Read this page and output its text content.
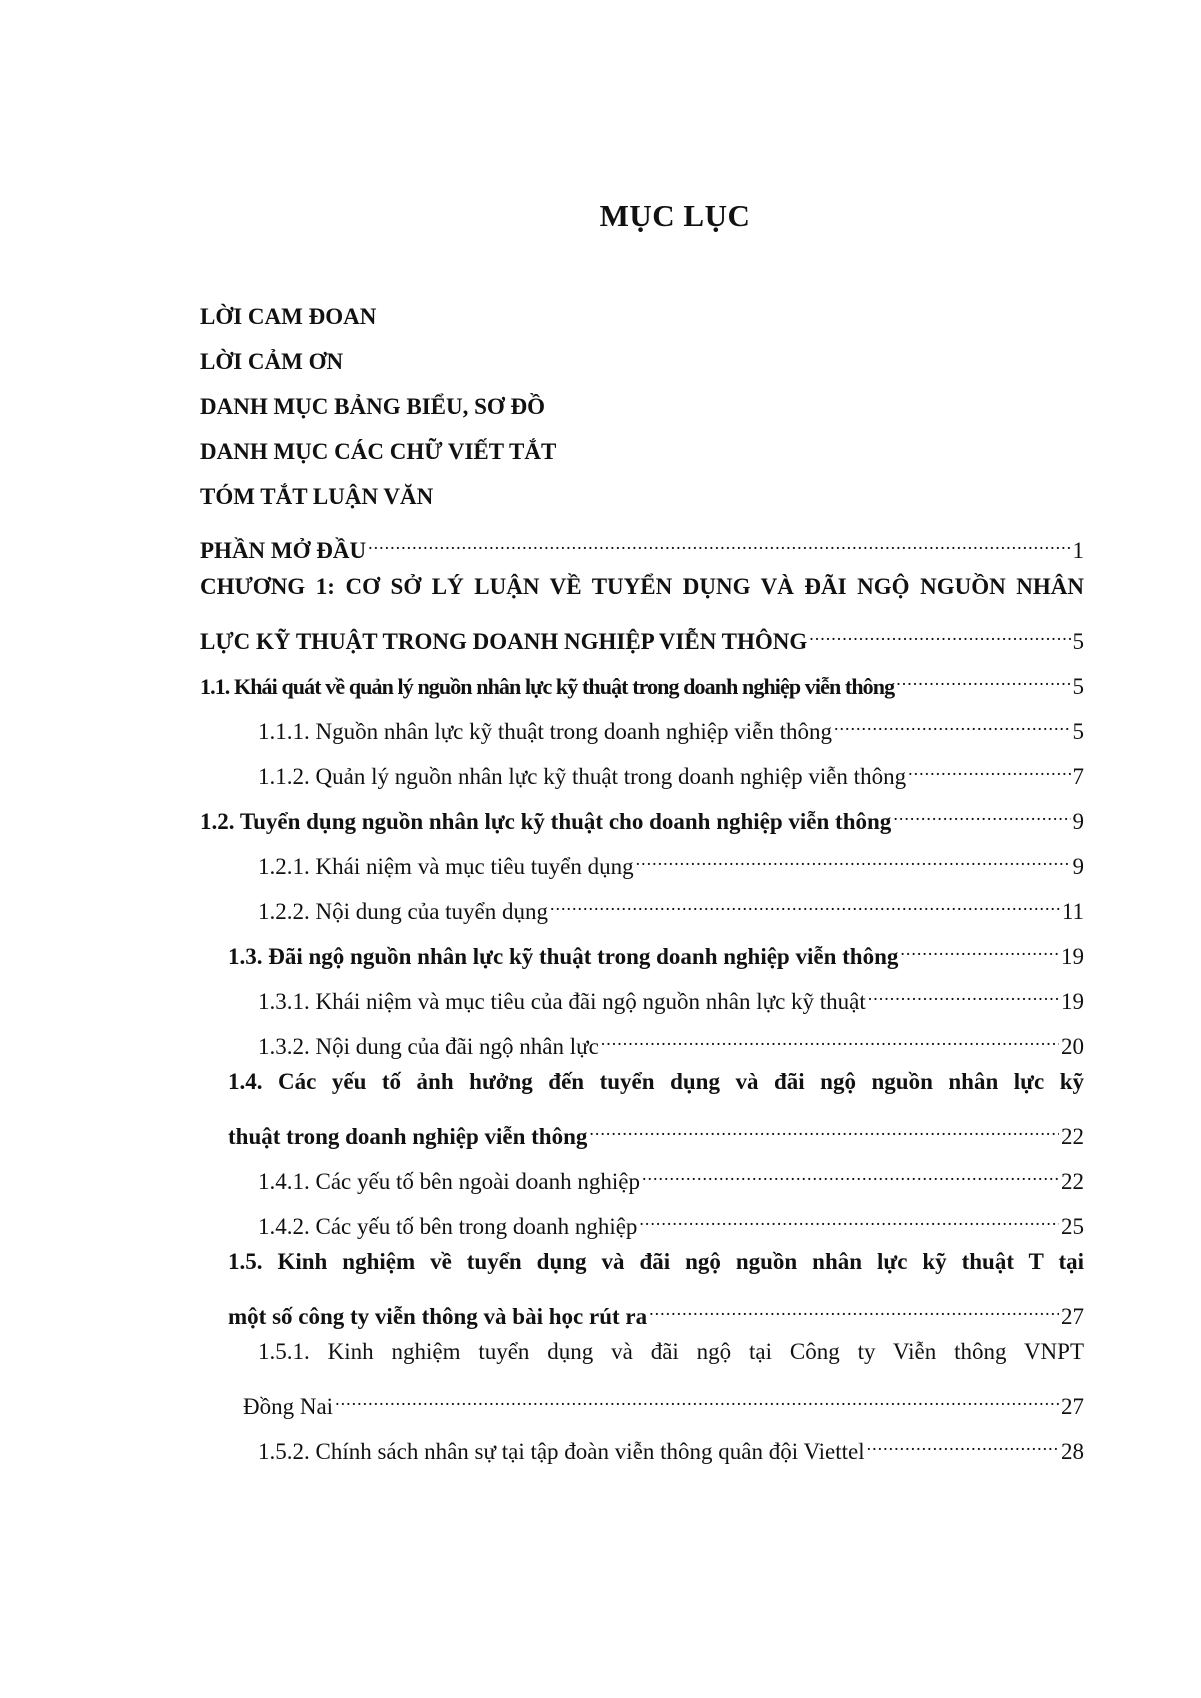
MỤC LỤC
LỜI CAM ĐOAN
LỜI CẢM ƠN
DANH MỤC BẢNG BIỂU, SƠ ĐỒ
DANH MỤC CÁC CHỮ VIẾT TẮT
TÓM TẮT LUẬN VĂN
PHẦN MỞ ĐẦU .....	1
CHƯƠNG 1: CƠ SỞ LÝ LUẬN VỀ TUYỂN DỤNG VÀ ĐÃI NGỘ NGUỒN NHÂN
LỰC KỸ THUẬT TRONG DOANH NGHIỆP VIỄN THÔNG .....	5
1.1. Khái quát về quản lý nguồn nhân lực kỹ thuật trong doanh nghiệp viễn thông .....	5
1.1.1. Nguồn nhân lực kỹ thuật trong doanh nghiệp viễn thông .....	5
1.1.2. Quản lý nguồn nhân lực kỹ thuật trong doanh nghiệp viễn thông .....	7
1.2. Tuyển dụng nguồn nhân lực kỹ thuật cho doanh nghiệp viễn thông .....	9
1.2.1. Khái niệm và mục tiêu tuyển dụng .....	9
1.2.2. Nội dung của tuyển dụng .....	11
1.3. Đãi ngộ nguồn nhân lực kỹ thuật trong doanh nghiệp viễn thông .....	19
1.3.1. Khái niệm và mục tiêu của đãi ngộ nguồn nhân lực kỹ thuật .....	19
1.3.2. Nội dung của đãi ngộ nhân lực .....	20
1.4. Các yếu tố ảnh hưởng đến tuyển dụng và đãi ngộ nguồn nhân lực kỹ
thuật trong doanh nghiệp viễn thông .....	22
1.4.1. Các yếu tố bên ngoài doanh nghiệp .....	22
1.4.2. Các yếu tố bên trong doanh nghiệp .....	25
1.5. Kinh nghiệm về tuyển dụng và đãi ngộ nguồn nhân lực kỹ thuật T tại
một số công ty viễn thông và bài học rút ra .....	27
1.5.1. Kinh nghiệm tuyển dụng và đãi ngộ tại Công ty Viễn thông VNPT
Đồng Nai .....	27
1.5.2. Chính sách nhân sự tại tập đoàn viễn thông quân đội Viettel .....	28
